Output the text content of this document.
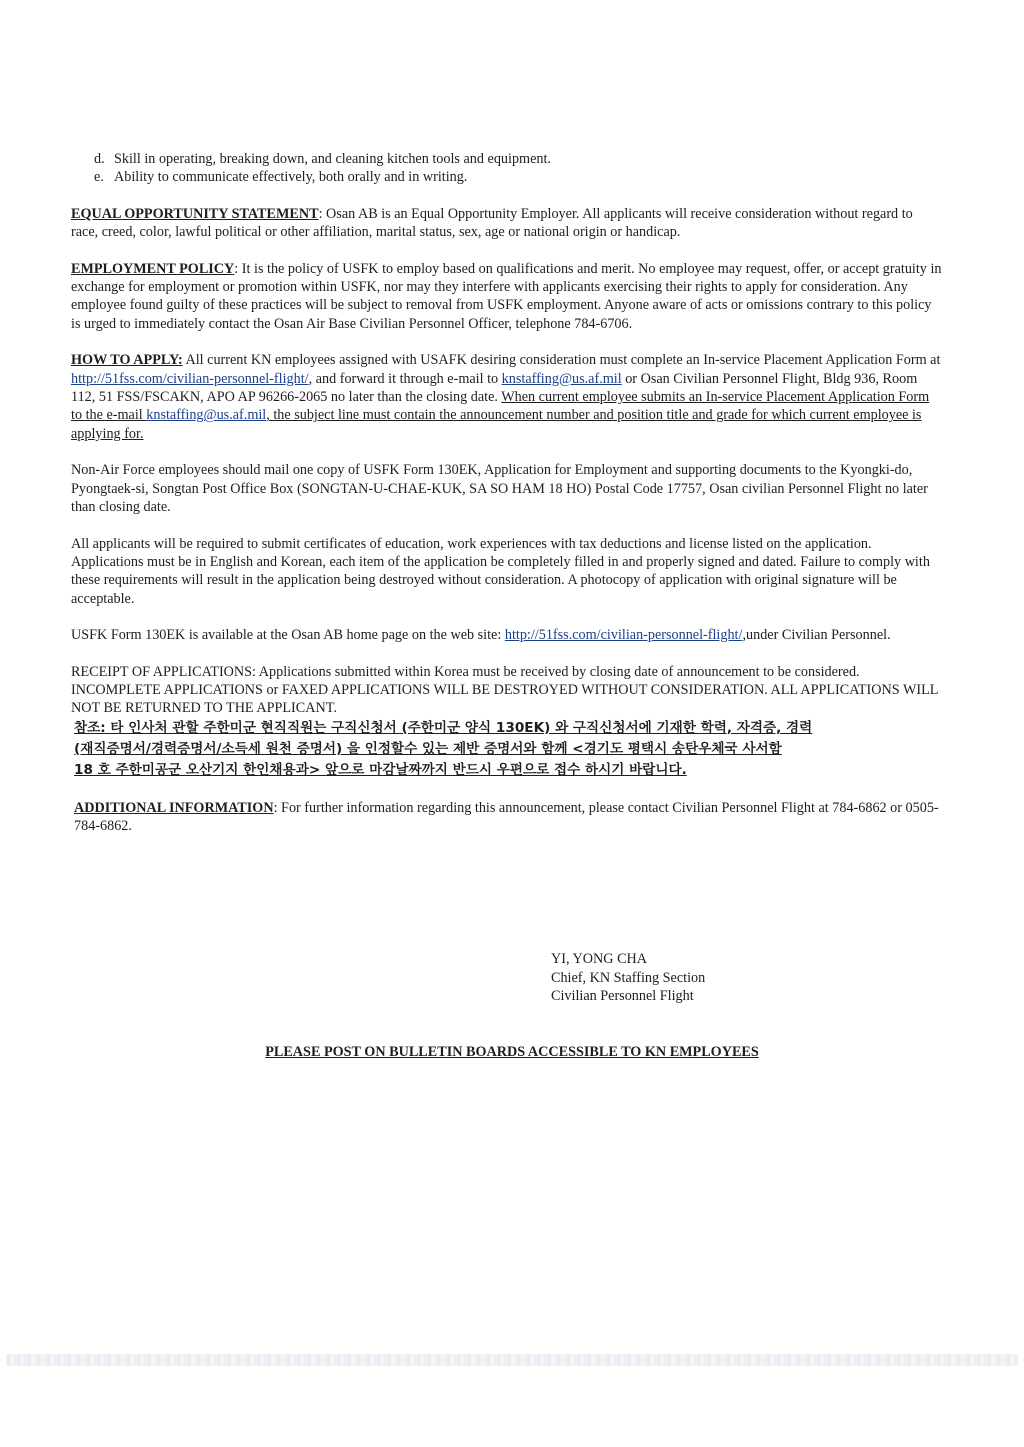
d. Skill in operating, breaking down, and cleaning kitchen tools and equipment.

e. Ability to communicate effectively, both orally and in writing.

EQUAL OPPORTUNITY STATEMENT: Osan AB is an Equal Opportunity Employer. All applicants will receive consideration without regard to race, creed, color, lawful political or other affiliation, marital status, sex, age or national origin or handicap.

EMPLOYMENT POLICY: It is the policy of USFK to employ based on qualifications and merit. No employee may request, offer, or accept gratuity in exchange for employment or promotion within USFK, nor may they interfere with applicants exercising their rights to apply for consideration. Any employee found guilty of these practices will be subject to removal from USFK employment. Anyone aware of acts or omissions contrary to this policy is urged to immediately contact the Osan Air Base Civilian Personnel Officer, telephone 784-6706.

HOW TO APPLY: All current KN employees assigned with USAFK desiring consideration must complete an In-service Placement Application Form at http://51fss.com/civilian-personnel-flight/, and forward it through e-mail to knstaffing@us.af.mil or Osan Civilian Personnel Flight, Bldg 936, Room 112, 51 FSS/FSCAKN, APO AP 96266-2065 no later than the closing date. When current employee submits an In-service Placement Application Form to the e-mail knstaffing@us.af.mil, the subject line must contain the announcement number and position title and grade for which current employee is applying for.

Non-Air Force employees should mail one copy of USFK Form 130EK, Application for Employment and supporting documents to the Kyongki-do, Pyongtaek-si, Songtan Post Office Box (SONGTAN-U-CHAE-KUK, SA SO HAM 18 HO) Postal Code 17757, Osan civilian Personnel Flight no later than closing date.

All applicants will be required to submit certificates of education, work experiences with tax deductions and license listed on the application. Applications must be in English and Korean, each item of the application be completely filled in and properly signed and dated. Failure to comply with these requirements will result in the application being destroyed without consideration. A photocopy of application with original signature will be acceptable.

USFK Form 130EK is available at the Osan AB home page on the web site: http://51fss.com/civilian-personnel-flight/,under Civilian Personnel.

RECEIPT OF APPLICATIONS: Applications submitted within Korea must be received by closing date of announcement to be considered. INCOMPLETE APPLICATIONS or FAXED APPLICATIONS WILL BE DESTROYED WITHOUT CONSIDERATION. ALL APPLICATIONS WILL NOT BE RETURNED TO THE APPLICANT.

참조: 타 인사처 관할 주한미군 현직직원는 구직신청서 (주한미군 양식 130EK) 와 구직신청서에 기재한 학력, 자격증, 경력
(재직증명서/경력증명서/소득세 원천 증명서) 을 인정할수 있는 제반 증명서와 함께 <경기도 평택시 송탄우체국 사서함
18 호 주한미공군 오산기지 한인채용과> 앞으로 마감날짜까지 반드시 우편으로 접수 하시기 바랍니다.

ADDITIONAL INFORMATION: For further information regarding this announcement, please contact Civilian Personnel Flight at 784-6862 or 0505-784-6862.

YI, YONG CHA
Chief, KN Staffing Section
Civilian Personnel Flight
PLEASE POST ON BULLETIN BOARDS ACCESSIBLE TO KN EMPLOYEES
